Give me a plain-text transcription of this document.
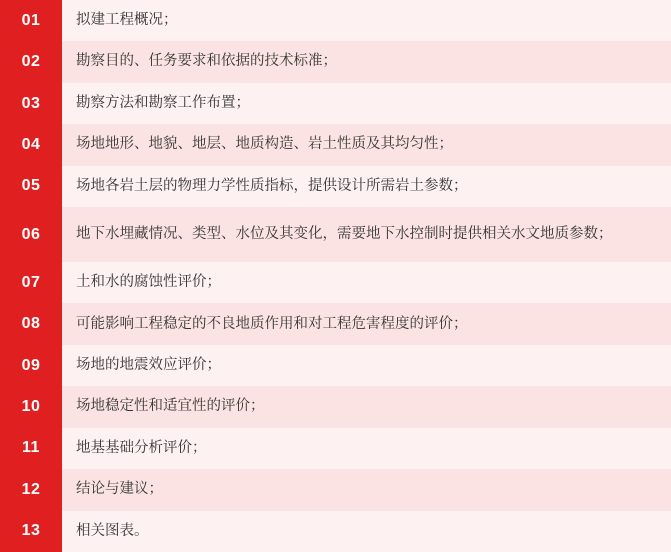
01	拟建工程概况；
02	勘察目的、任务要求和依据的技术标准；
03	勘察方法和勘察工作布置；
04	场地地形、地貌、地层、地质构造、岩土性质及其均匀性；
05	场地各岩土层的物理力学性质指标，提供设计所需岩土参数；
06	地下水埋藏情况、类型、水位及其变化，需要地下水控制时提供相关水文地质参数；
07	土和水的腐蚀性评价；
08	可能影响工程稳定的不良地质作用和对工程危害程度的评价；
09	场地的地震效应评价；
10	场地稳定性和适宜性的评价；
11	地基基础分析评价；
12	结论与建议；
13	相关图表。
